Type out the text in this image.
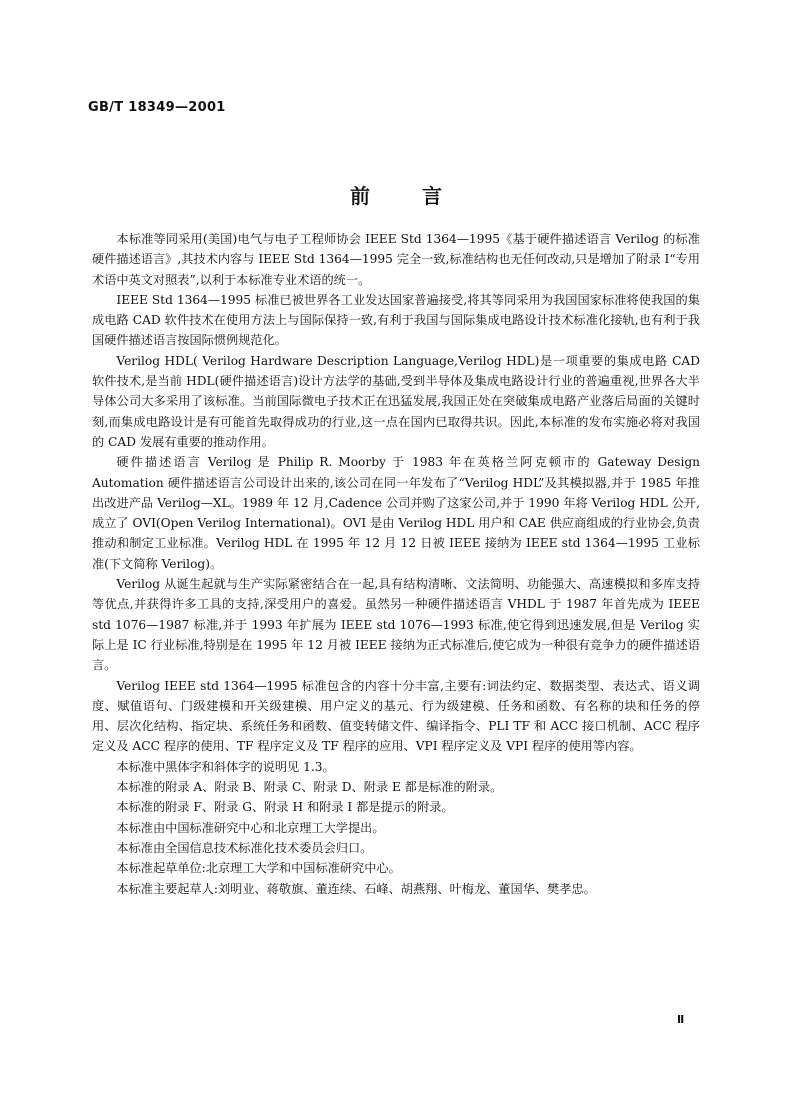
GB/T 18349—2001
前言

本标准等同采用(美国)电气与电子工程师协会 IEEE Std 1364—1995《基于硬件描述语言 Verilog 的标准硬件描述语言》,其技术内容与 IEEE Std 1364—1995 完全一致,标准结构也无任何改动,只是增加了附录 I“专用术语中英文对照表”,以利于本标准专业术语的统一。

IEEE Std 1364—1995 标准已被世界各工业发达国家普遍接受,将其等同采用为我国国家标准将使我国的集成电路 CAD 软件技术在使用方法上与国际保持一致,有利于我国与国际集成电路设计技术标准化接轨,也有利于我国硬件描述语言按国际惯例规范化。

Verilog HDL( Verilog Hardware Description Language,Verilog HDL)是一项重要的集成电路 CAD 软件技术,是当前 HDL(硬件描述语言)设计方法学的基础,受到半导体及集成电路设计行业的普遍重视,世界各大半导体公司大多采用了该标准。当前国际微电子技术正在迅猛发展,我国正处在突破集成电路产业落后局面的关键时刻,而集成电路设计是有可能首先取得成功的行业,这一点在国内已取得共识。因此,本标准的发布实施必将对我国的 CAD 发展有重要的推动作用。

硬件描述语言 Verilog 是 Philip R. Moorby 于 1983 年在英格兰阿克顿市的 Gateway Design Automation 硬件描述语言公司设计出来的,该公司在同一年发布了“Verilog HDL”及其模拟器,并于 1985 年推出改进产品 Verilog—XL。1989 年 12 月,Cadence 公司并购了这家公司,并于 1990 年将 Verilog HDL 公开,成立了 OVI(Open Verilog International)。OVI 是由 Verilog HDL 用户和 CAE 供应商组成的行业协会,负责推动和制定工业标准。Verilog HDL 在 1995 年 12 月 12 日被 IEEE 接纳为 IEEE std 1364—1995 工业标准(下文简称 Verilog)。

Verilog 从诞生起就与生产实际紧密结合在一起,具有结构清晰、文法简明、功能强大、高速模拟和多库支持等优点,并获得许多工具的支持,深受用户的喜爱。虽然另一种硬件描述语言 VHDL 于 1987 年首先成为 IEEE std 1076—1987 标准,并于 1993 年扩展为 IEEE std 1076—1993 标准,使它得到迅速发展,但是 Verilog 实际上是 IC 行业标准,特别是在 1995 年 12 月被 IEEE 接纳为正式标准后,使它成为一种很有竞争力的硬件描述语言。

Verilog IEEE std 1364—1995 标准包含的内容十分丰富,主要有:词法约定、数据类型、表达式、语义调度、赋值语句、门级建模和开关级建模、用户定义的基元、行为级建模、任务和函数、有名称的块和任务的停用、层次化结构、指定块、系统任务和函数、值变转储文件、编译指令、PLI TF 和 ACC 接口机制、ACC 程序定义及 ACC 程序的使用、TF 程序定义及 TF 程序的应用、VPI 程序定义及 VPI 程序的使用等内容。

本标准中黑体字和斜体字的说明见 1.3。

本标准的附录 A、附录 B、附录 C、附录 D、附录 E 都是标准的附录。

本标准的附录 F、附录 G、附录 H 和附录 I 都是提示的附录。

本标准由中国标准研究中心和北京理工大学提出。

本标准由全国信息技术标准化技术委员会归口。

本标准起草单位:北京理工大学和中国标准研究中心。

本标准主要起草人:刘明业、蒋敬旗、董连续、石峰、胡燕翔、叶梅龙、董国华、樊孝忠。

Ⅱ
